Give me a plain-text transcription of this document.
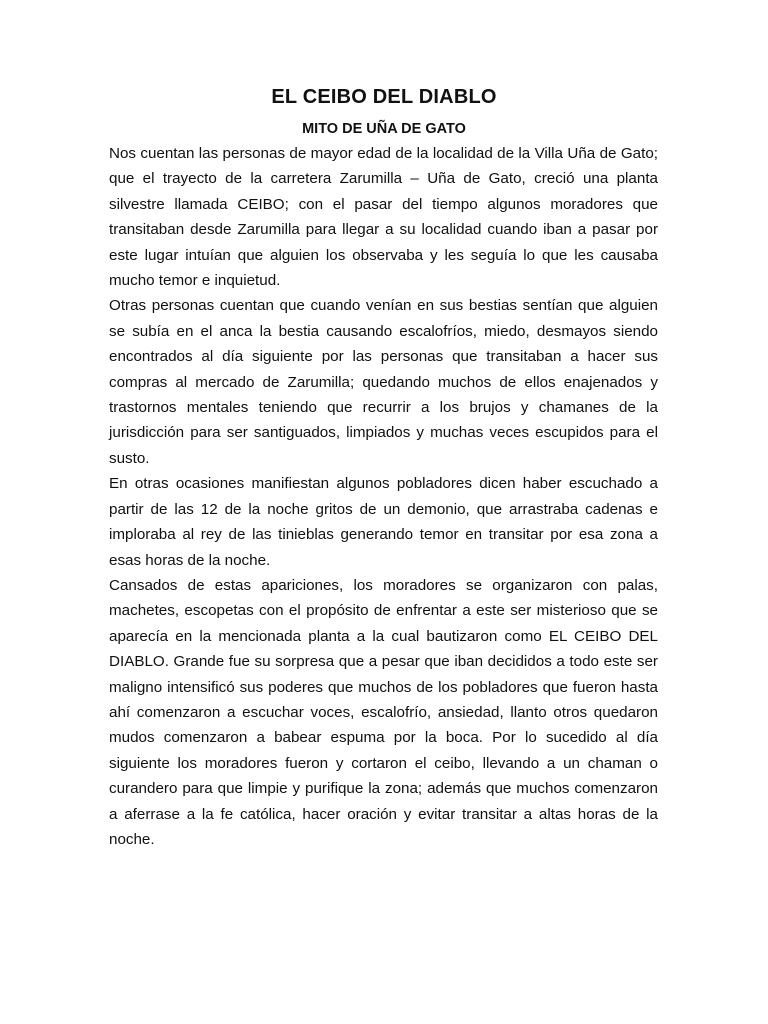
EL CEIBO DEL DIABLO
MITO DE UÑA DE GATO

Nos cuentan las personas de mayor edad de la localidad de la Villa Uña de Gato; que el trayecto de la carretera Zarumilla – Uña de Gato, creció una planta silvestre llamada CEIBO; con el pasar del tiempo algunos moradores que transitaban desde Zarumilla para llegar a su localidad cuando iban a pasar por este lugar intuían que alguien los observaba y les seguía lo que les causaba mucho temor e inquietud.

Otras personas cuentan que cuando venían en sus bestias sentían que alguien se subía en el anca la bestia causando escalofríos, miedo, desmayos siendo encontrados al día siguiente por las personas que transitaban a hacer sus compras al mercado de Zarumilla; quedando muchos de ellos enajenados y trastornos mentales teniendo que recurrir a los brujos y chamanes de la jurisdicción para ser santiguados, limpiados y muchas veces escupidos para el susto.

En otras ocasiones manifiestan algunos pobladores dicen haber escuchado a partir de las 12 de la noche gritos de un demonio, que arrastraba cadenas e imploraba al rey de las tinieblas generando temor en transitar por esa zona a esas horas de la noche.

Cansados de estas apariciones, los moradores se organizaron con palas, machetes, escopetas con el propósito de enfrentar a este ser misterioso que se aparecía en la mencionada planta a la cual bautizaron como EL CEIBO DEL DIABLO. Grande fue su sorpresa que a pesar que iban decididos a todo este ser maligno intensificó sus poderes que muchos de los pobladores que fueron hasta ahí comenzaron a escuchar voces, escalofrío, ansiedad, llanto otros quedaron mudos comenzaron a babear espuma por la boca. Por lo sucedido al día siguiente los moradores fueron y cortaron el ceibo, llevando a un chaman o curandero para que limpie y purifique la zona; además que muchos comenzaron a aferrase a la fe católica, hacer oración y evitar transitar a altas horas de la noche.
